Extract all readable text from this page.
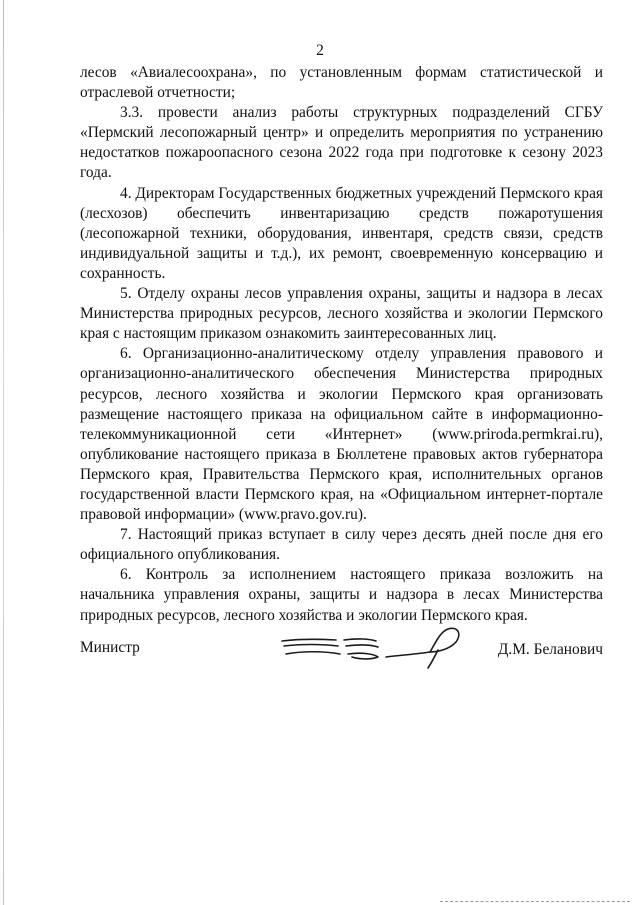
2

лесов «Авиалесоохрана», по установленным формам статистической и отраслевой отчетности;

3.3. провести анализ работы структурных подразделений СГБУ «Пермский лесопожарный центр» и определить мероприятия по устранению недостатков пожароопасного сезона 2022 года при подготовке к сезону 2023 года.

4. Директорам Государственных бюджетных учреждений Пермского края (лесхозов) обеспечить инвентаризацию средств пожаротушения (лесопожарной техники, оборудования, инвентаря, средств связи, средств индивидуальной защиты и т.д.), их ремонт, своевременную консервацию и сохранность.

5. Отделу охраны лесов управления охраны, защиты и надзора в лесах Министерства природных ресурсов, лесного хозяйства и экологии Пермского края с настоящим приказом ознакомить заинтересованных лиц.

6. Организационно-аналитическому отделу управления правового и организационно-аналитического обеспечения Министерства природных ресурсов, лесного хозяйства и экологии Пермского края организовать размещение настоящего приказа на официальном сайте в информационно-телекоммуникационной сети «Интернет» (www.priroda.permkrai.ru), опубликование настоящего приказа в Бюллетене правовых актов губернатора Пермского края, Правительства Пермского края, исполнительных органов государственной власти Пермского края, на «Официальном интернет-портале правовой информации» (www.pravo.gov.ru).

7. Настоящий приказ вступает в силу через десять дней после дня его официального опубликования.

6. Контроль за исполнением настоящего приказа возложить на начальника управления охраны, защиты и надзора в лесах Министерства природных ресурсов, лесного хозяйства и экологии Пермского края.

Министр	Д.М. Беланович
